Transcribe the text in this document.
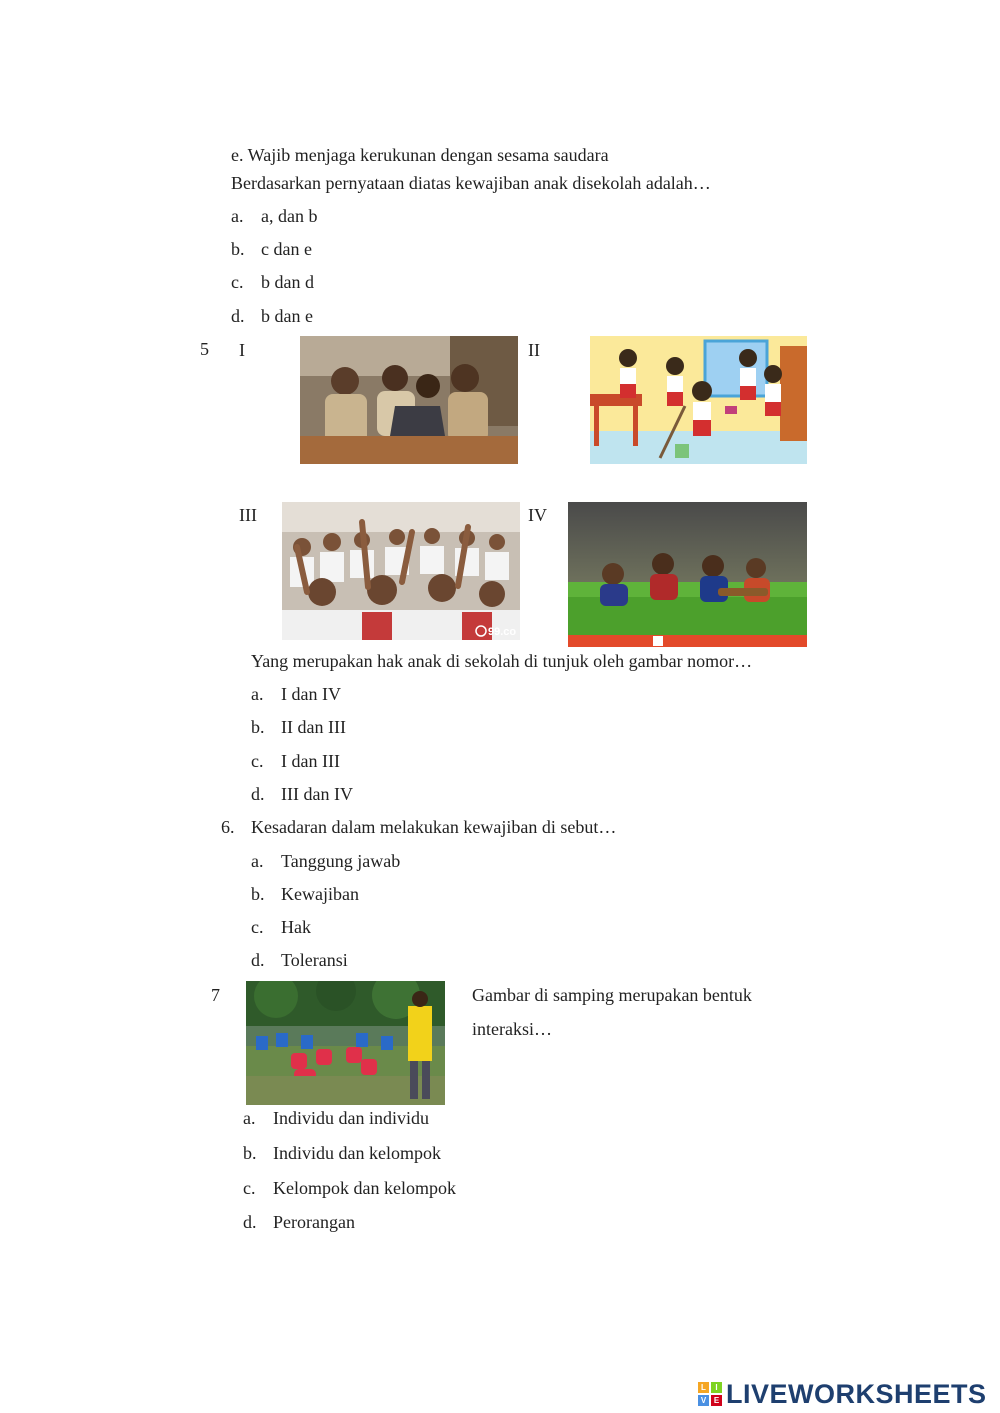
e. Wajib menjaga kerukunan dengan sesama saudara
Berdasarkan pernyataan diatas kewajiban anak disekolah adalah…
a. a, dan b
b. c dan e
c. b dan d
d. b dan e
5 I	II
III	IV
99.co
Yang merupakan hak anak di sekolah di tunjuk oleh gambar nomor…
a. I dan IV
b. II dan III
c. I dan III
d. III dan IV
6. Kesadaran dalam melakukan kewajiban di sebut…
a. Tanggung jawab
b. Kewajiban
c. Hak
d. Toleransi
7	Gambar di samping merupakan bentuk
interaksi…
a. Individu dan individu
b. Individu dan kelompok
c. Kelompok dan kelompok
d. Perorangan
L	I
V E LIVEWORKSHEETS
